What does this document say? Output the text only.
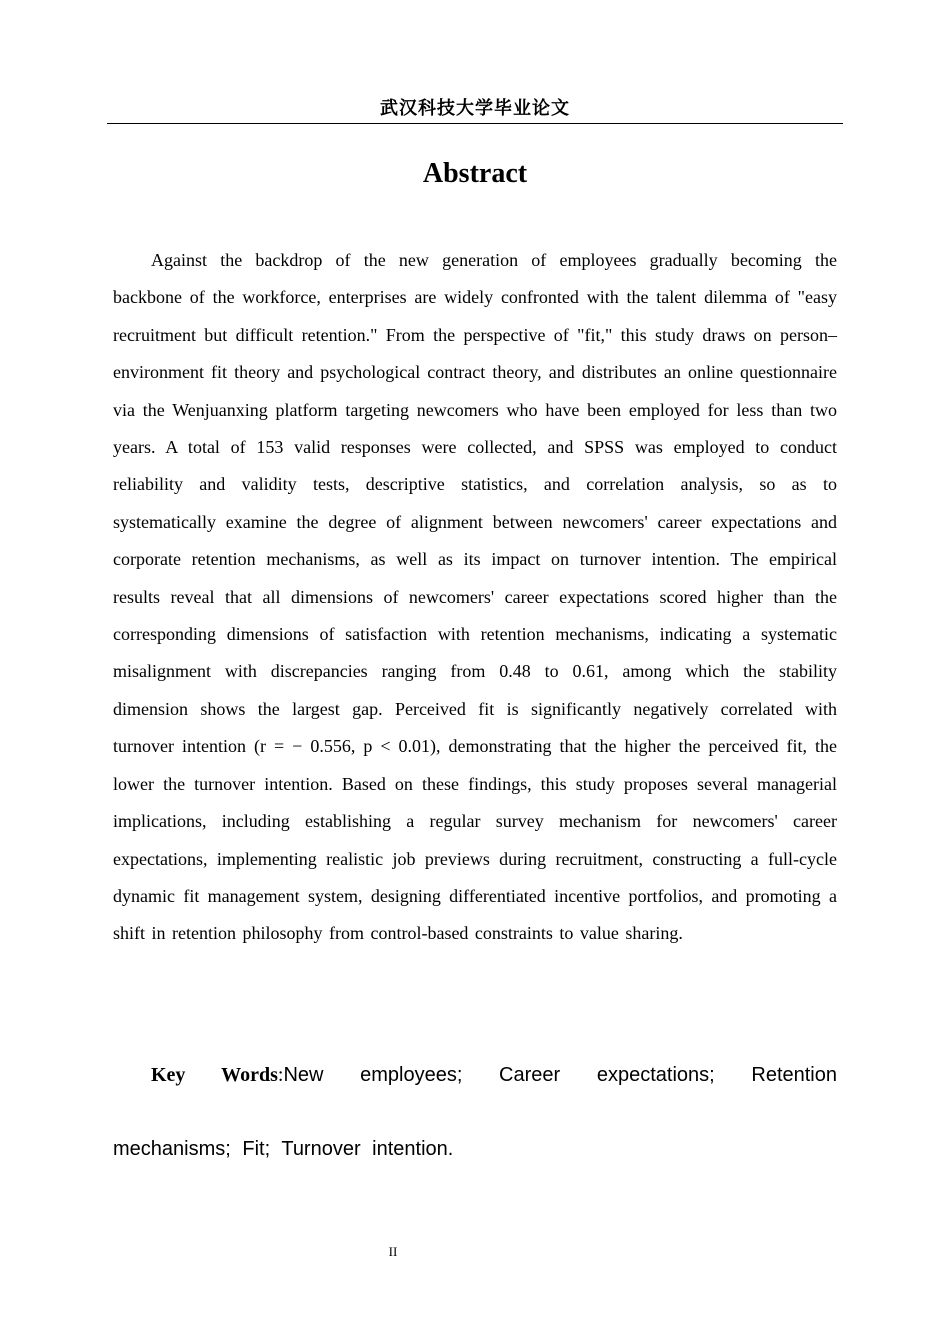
武汉科技大学毕业论文
Abstract

Against the backdrop of the new generation of employees gradually becoming the backbone of the workforce, enterprises are widely confronted with the talent dilemma of "easy recruitment but difficult retention." From the perspective of "fit," this study draws on person–environment fit theory and psychological contract theory, and distributes an online questionnaire via the Wenjuanxing platform targeting newcomers who have been employed for less than two years. A total of 153 valid responses were collected, and SPSS was employed to conduct reliability and validity tests, descriptive statistics, and correlation analysis, so as to systematically examine the degree of alignment between newcomers' career expectations and corporate retention mechanisms, as well as its impact on turnover intention. The empirical results reveal that all dimensions of newcomers' career expectations scored higher than the corresponding dimensions of satisfaction with retention mechanisms, indicating a systematic misalignment with discrepancies ranging from 0.48 to 0.61, among which the stability dimension shows the largest gap. Perceived fit is significantly negatively correlated with turnover intention (r = − 0.556, p < 0.01), demonstrating that the higher the perceived fit, the lower the turnover intention. Based on these findings, this study proposes several managerial implications, including establishing a regular survey mechanism for newcomers' career expectations, implementing realistic job previews during recruitment, constructing a full-cycle dynamic fit management system, designing differentiated incentive portfolios, and promoting a shift in retention philosophy from control-based constraints to value sharing.

Key Words:New employees; Career expectations; Retention mechanisms; Fit; Turnover intention.

II
